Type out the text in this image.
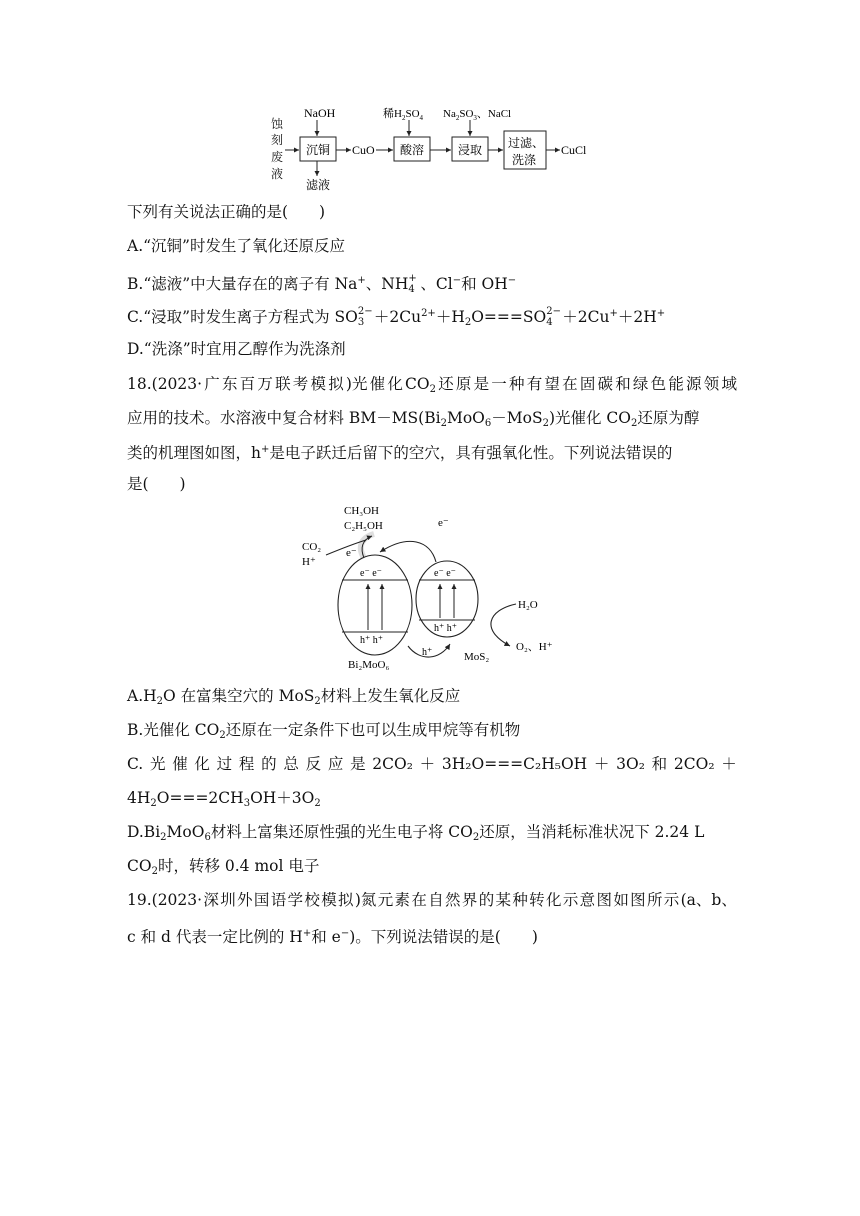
蚀
刻
废
液
NaOH
沉铜
滤液
CuO
稀$H_2SO_4$
酸溶
$Na_2SO_3$、NaCl
浸取 过滤、
洗涤
CuCl
下列有关说法正确的是(　　)
A.“沉铜”时发生了氧化还原反应
B.“滤液”中大量存在的离子有 Na+、NH +
4 、Cl−和 OH−
C.“浸取”时发生离子方程式为 SO 2−
$3 +2Cu^{2+}+H_2O===SO$ 2−
4 ＋2Cu+＋2H+
D.“洗涤”时宜用乙醇作为洗涤剂
18.(2023· 广 东 百 万 联 考 模 拟 )光 催 化 $CO_2$ 还 原 是 一 种 有 望 在 固 碳 和 绿 色 能 源 领 域
应用的技术。水溶液中复合材料 $BM-MS(Bi_2MoO_6-MoS_2)$光催化 $CO_2$还原为醇
类的机理图如图，h+是电子跃迁后留下的空穴，具有强氧化性。下列说法错误的
是(　　)
CH₃OH
C₂H₅OH
CO₂
H⁺
e⁻
e⁻
e⁻ e⁻
h⁺ h⁺
e⁻ e⁻
h⁺ h⁺
Bi₂MoO₆
h⁺	MoS₂
H₂O
O₂、H⁺
$A.H_2O$ 在富集空穴的 MoS$_2$材料上发生氧化反应
B.光催化 $CO_2$还原在一定条件下也可以生成甲烷等有机物
C. 光 催 化 过 程 的 总 反 应 是 2CO₂ ＋ 3H₂O===C₂H₅OH ＋ 3O₂ 和 2CO₂ ＋
$4H_2O===2CH_3OH+3O_2$
$D.Bi_2MoO_6$材料上富集还原性强的光生电子将 $CO_2$还原，当消耗标准状况下 2.24 L
$CO_2$时，转移 0.4 mol 电子
19.(2023· 深 圳 外 国 语 学 校 模 拟 )氮 元 素 在 自 然 界 的 某 种 转 化 示 意 图 如 图 所 示 (a、b、
c 和 d 代表一定比例的 H+和 e−)。下列说法错误的是(　　)
